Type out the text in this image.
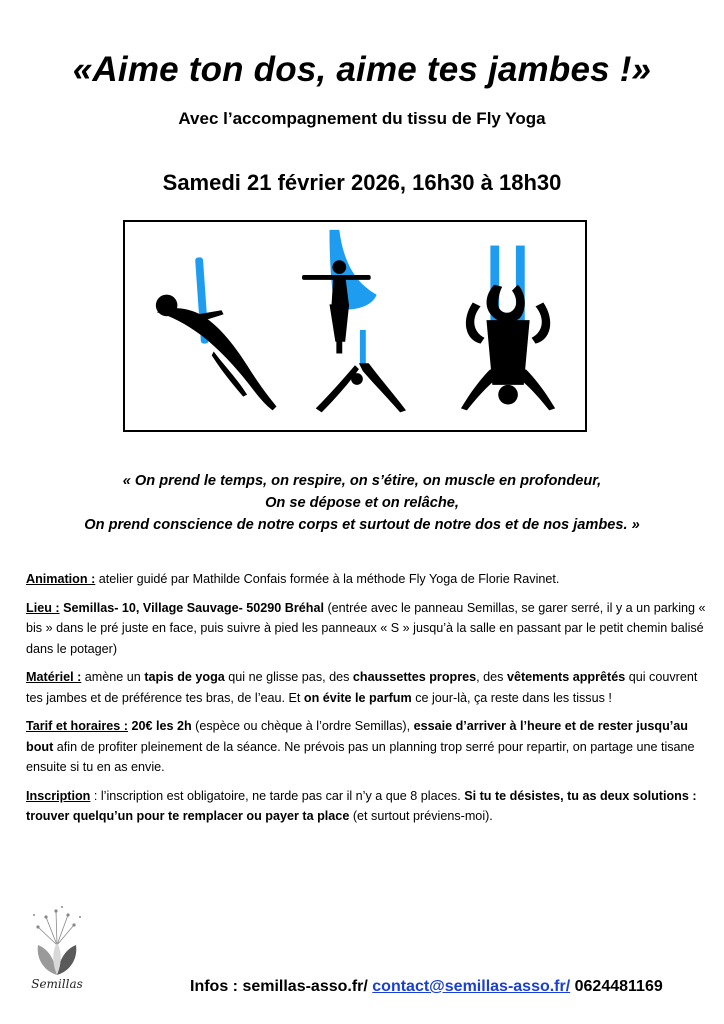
«Aime ton dos, aime tes jambes !»
Avec l’accompagnement du tissu de Fly Yoga
Samedi 21 février 2026, 16h30 à 18h30
« On prend le temps, on respire, on s’étire, on muscle en profondeur,
On se dépose et on relâche,
On prend conscience de notre corps et surtout de notre dos et de nos jambes. »
Animation : atelier guidé par Mathilde Confais formée à la méthode Fly Yoga de Florie Ravinet.
Lieu : Semillas- 10, Village Sauvage- 50290 Bréhal (entrée avec le panneau Semillas, se garer serré, il y a un parking « bis » dans le pré juste en face, puis suivre à pied les panneaux « S » jusqu’à la salle en passant par le petit chemin balisé dans le potager)
Matériel : amène un tapis de yoga qui ne glisse pas, des chaussettes propres, des vêtements apprêtés qui couvrent tes jambes et de préférence tes bras, de l’eau. Et on évite le parfum ce jour-là, ça reste dans les tissus !
Tarif et horaires : 20€ les 2h (espèce ou chèque à l’ordre Semillas), essaie d’arriver à l’heure et de rester jusqu’au bout afin de profiter pleinement de la séance. Ne prévois pas un planning trop serré pour repartir, on partage une tisane ensuite si tu en as envie.
Inscription : l’inscription est obligatoire, ne tarde pas car il n’y a que 8 places. Si tu te désistes, tu as deux solutions : trouver quelqu’un pour te remplacer ou payer ta place (et surtout préviens-moi).
Semillas	Infos : semillas-asso.fr/ contact@semillas-asso.fr/ 0624481169
